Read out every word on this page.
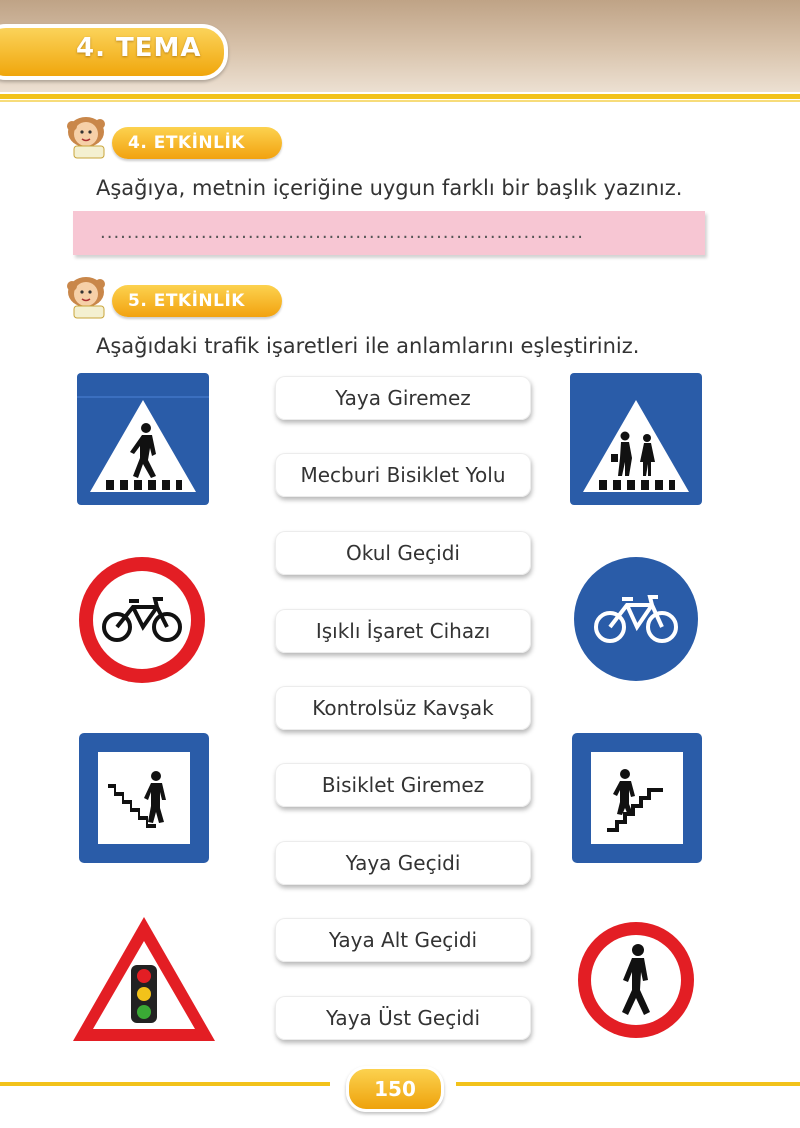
4. TEMA
4. ETKİNLİK
Aşağıya, metnin içeriğine uygun farklı bir başlık yazınız.
........................................................................
5. ETKİNLİK
Aşağıdaki trafik işaretleri ile anlamlarını eşleştiriniz.
Yaya Giremez
Mecburi Bisiklet Yolu
Okul Geçidi
Işıklı İşaret Cihazı
Kontrolsüz Kavşak
Bisiklet Giremez
Yaya Geçidi
Yaya Alt Geçidi
Yaya Üst Geçidi
150
